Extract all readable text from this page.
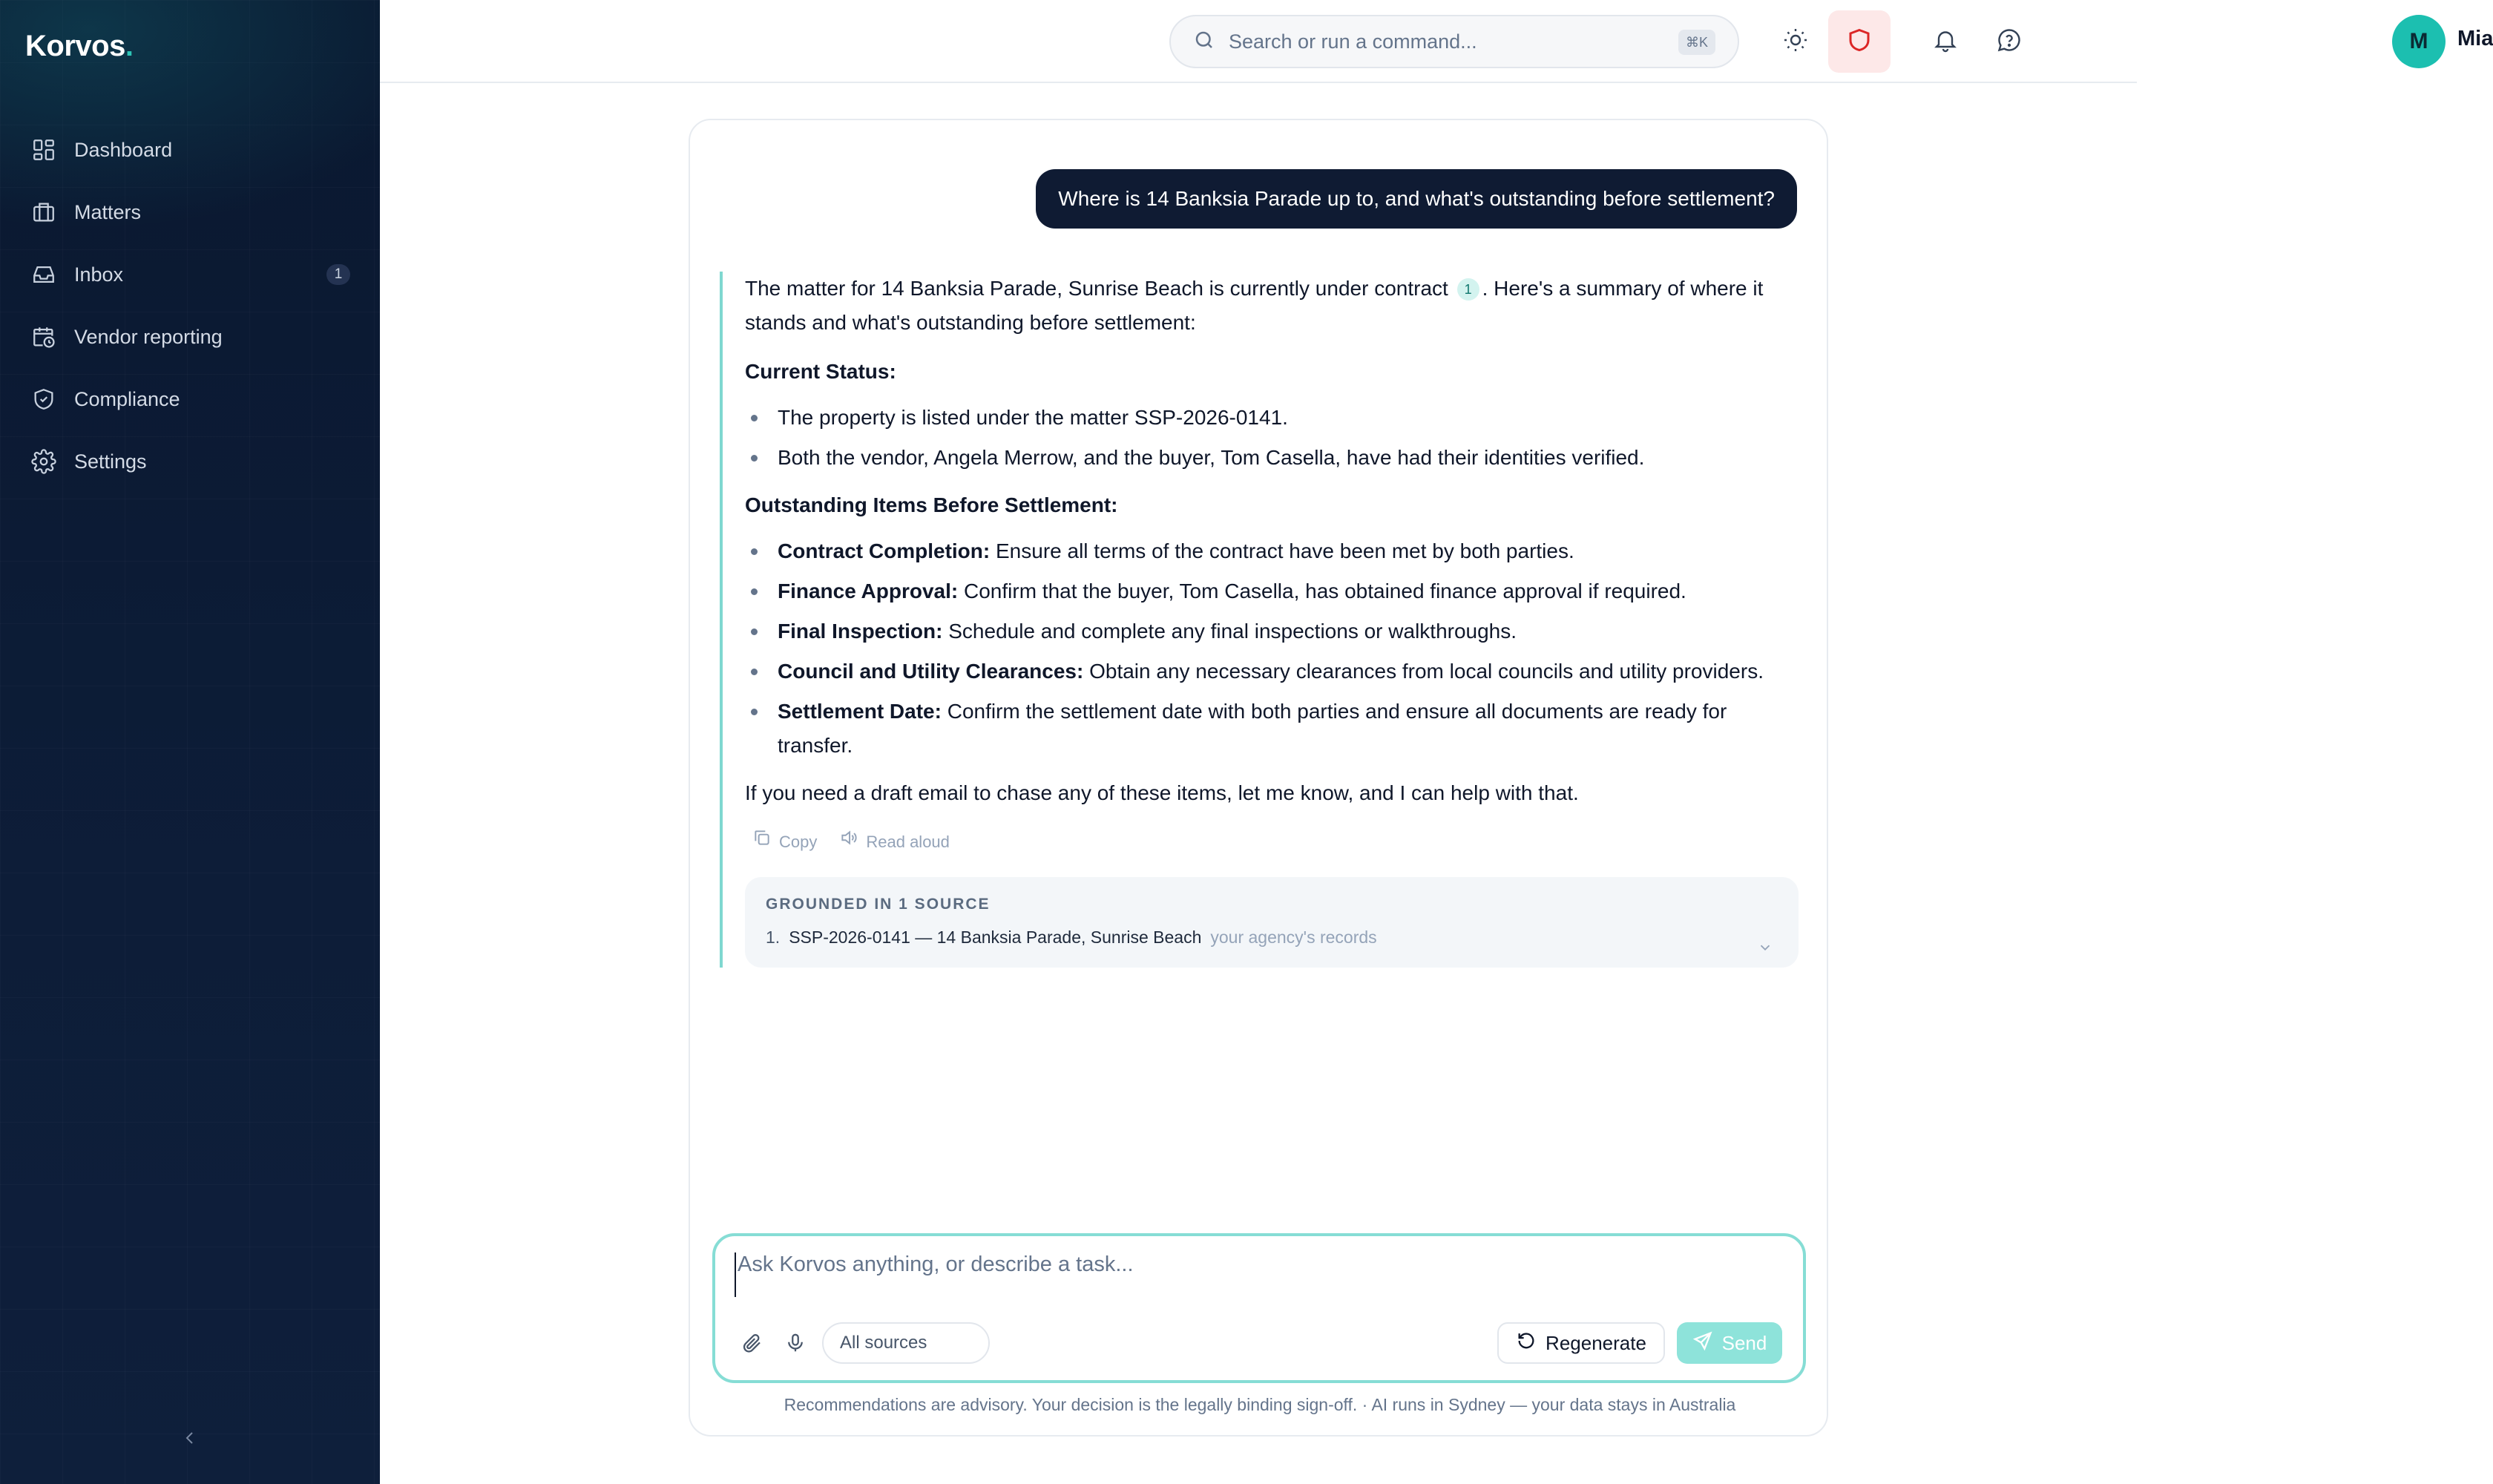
Korvos.
Dashboard
Matters
Inbox	1
Vendor reporting
Compliance
Settings
Search or run a command...
⌘K	M	Mia
Where is 14 Banksia Parade up to, and what's outstanding before settlement?

The matter for 14 Banksia Parade, Sunrise Beach is currently under contract 1 . Here's a summary of where it stands and what's outstanding before settlement:

Current Status:
The property is listed under the matter SSP-2026-0141.
Both the vendor, Angela Merrow, and the buyer, Tom Casella, have had their identities verified.
Outstanding Items Before Settlement:
Contract Completion: Ensure all terms of the contract have been met by both parties.
Finance Approval: Confirm that the buyer, Tom Casella, has obtained finance approval if required.
Final Inspection: Schedule and complete any final inspections or walkthroughs.
Council and Utility Clearances: Obtain any necessary clearances from local councils and utility providers.
Settlement Date: Confirm the settlement date with both parties and ensure all documents are ready for transfer.

If you need a draft email to chase any of these items, let me know, and I can help with that.

Copy	Read aloud
GROUNDED IN 1 SOURCE
1. SSP-2026-0141 — 14 Banksia Parade, Sunrise Beach your agency's records
Ask Korvos anything, or describe a task...
All sources	Regenerate	Send
Recommendations are advisory. Your decision is the legally binding sign-off. · AI runs in Sydney — your data stays in Australia
